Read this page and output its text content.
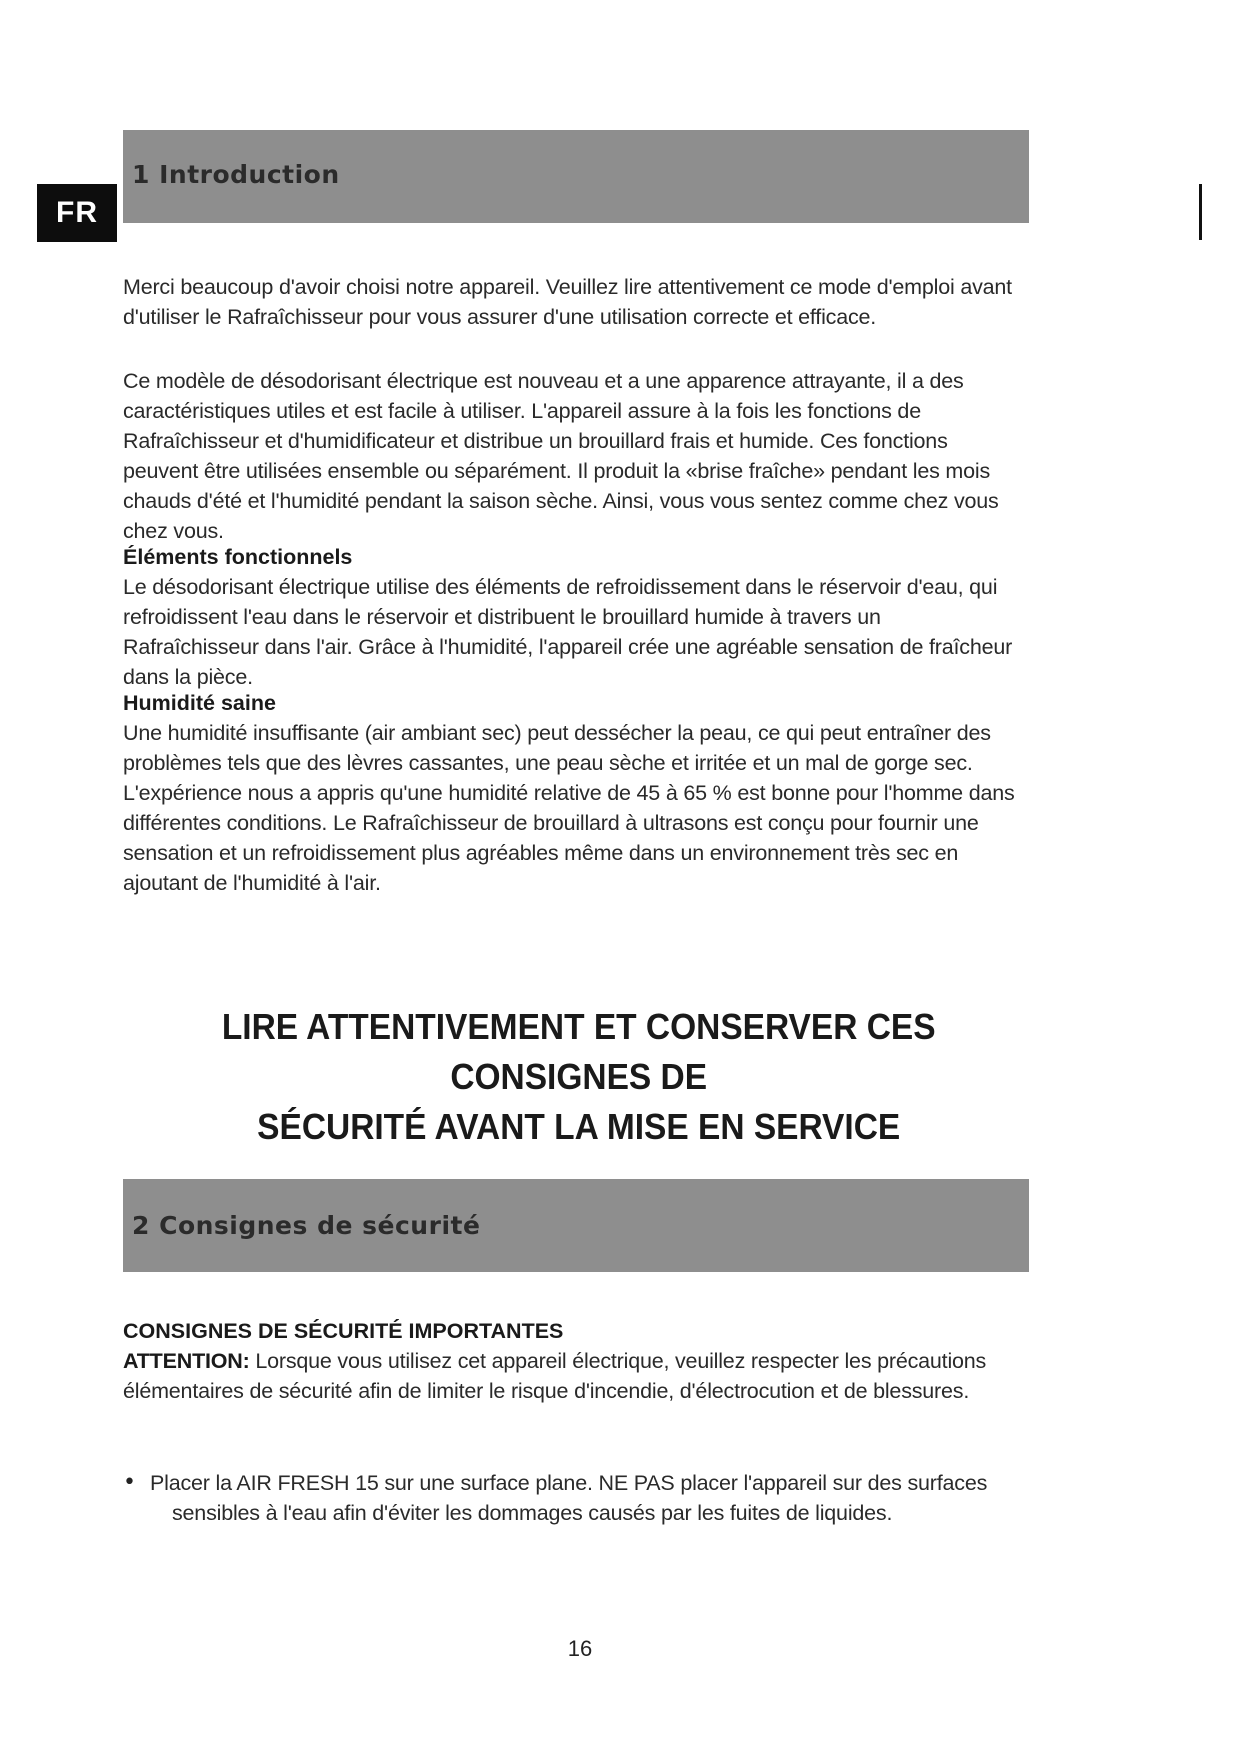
FR
1 Introduction

Merci beaucoup d'avoir choisi notre appareil. Veuillez lire attentivement ce mode d'emploi avant d'utiliser le Rafraîchisseur pour vous assurer d'une utilisation correcte et efficace.

Ce modèle de désodorisant électrique est nouveau et a une apparence attrayante, il a des caractéristiques utiles et est facile à utiliser. L'appareil assure à la fois les fonctions de Rafraîchisseur et d'humidificateur et distribue un brouillard frais et humide. Ces fonctions peuvent être utilisées ensemble ou séparément. Il produit la «brise fraîche» pendant les mois chauds d'été et l'humidité pendant la saison sèche. Ainsi, vous vous sentez comme chez vous chez vous.

Éléments fonctionnels

Le désodorisant électrique utilise des éléments de refroidissement dans le réservoir d'eau, qui refroidissent l'eau dans le réservoir et distribuent le brouillard humide à travers un Rafraîchisseur dans l'air. Grâce à l'humidité, l'appareil crée une agréable sensation de fraîcheur dans la pièce.

Humidité saine

Une humidité insuffisante (air ambiant sec) peut dessécher la peau, ce qui peut entraîner des problèmes tels que des lèvres cassantes, une peau sèche et irritée et un mal de gorge sec. L'expérience nous a appris qu'une humidité relative de 45 à 65 % est bonne pour l'homme dans différentes conditions. Le Rafraîchisseur de brouillard à ultrasons est conçu pour fournir une sensation et un refroidissement plus agréables même dans un environnement très sec en ajoutant de l'humidité à l'air.

LIRE ATTENTIVEMENT ET CONSERVER CES CONSIGNES DE
SÉCURITÉ AVANT LA MISE EN SERVICE
2 Consignes de sécurité

CONSIGNES DE SÉCURITÉ IMPORTANTES

ATTENTION: Lorsque vous utilisez cet appareil électrique, veuillez respecter les précautions élémentaires de sécurité afin de limiter le risque d'incendie, d'électrocution et de blessures.

• Placer la AIR FRESH 15 sur une surface plane. NE PAS placer l'appareil sur des surfaces
sensibles à l'eau afin d'éviter les dommages causés par les fuites de liquides.

16
